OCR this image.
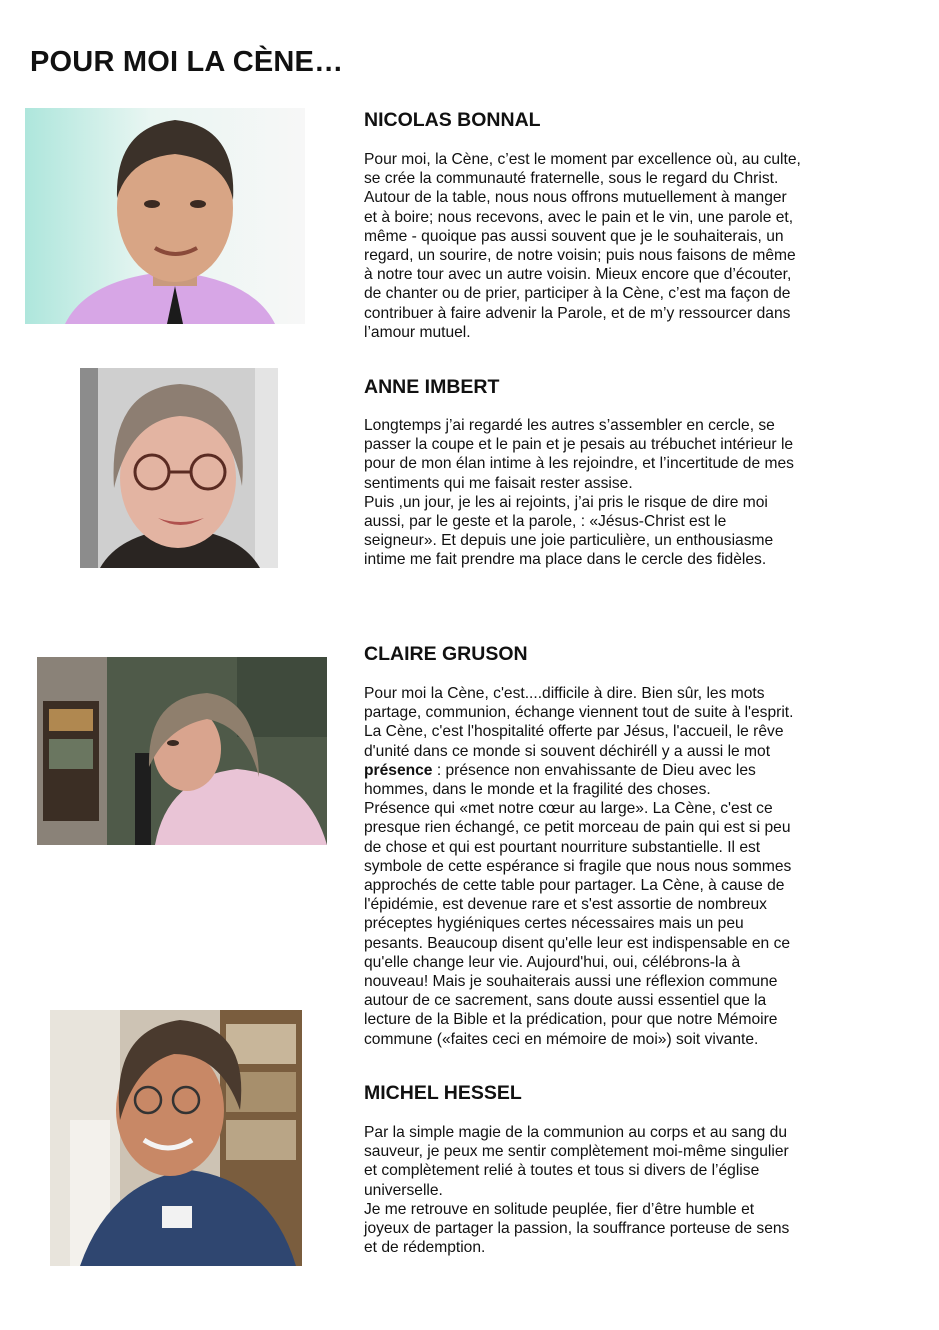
POUR MOI LA CÈNE…
NICOLAS BONNAL

Pour moi, la Cène, c’est le moment par excellence où, au culte,
se crée la communauté fraternelle, sous le regard du Christ.
Autour de la table, nous nous offrons mutuellement à manger
et à boire; nous recevons, avec le pain et le vin, une parole et,
même - quoique pas aussi souvent que je le souhaiterais, un
regard, un sourire, de notre voisin; puis nous faisons de même
à notre tour avec un autre voisin. Mieux encore que d’écouter,
de chanter ou de prier, participer à la Cène, c’est ma façon de
contribuer à faire advenir la Parole, et de m’y ressourcer dans
l’amour mutuel.

ANNE IMBERT

Longtemps j’ai regardé les autres s’assembler en cercle, se
passer la coupe et le pain et je pesais au trébuchet intérieur le
pour de mon élan intime à les rejoindre, et l’incertitude de mes
sentiments qui me faisait rester assise.
Puis ,un jour, je les ai rejoints, j’ai pris le risque de dire moi
aussi, par le geste et la parole, : «Jésus-Christ est le
seigneur». Et depuis une joie particulière, un enthousiasme
intime me fait prendre ma place dans le cercle des fidèles.

CLAIRE GRUSON

Pour moi la Cène, c'est....difficile à dire. Bien sûr, les mots
partage, communion, échange viennent tout de suite à l'esprit.
La Cène, c'est l'hospitalité offerte par Jésus, l'accueil, le rêve
d'unité dans ce monde si souvent déchiréll y a aussi le mot
présence : présence non envahissante de Dieu avec les
hommes, dans le monde et la fragilité des choses.
Présence qui «met notre cœur au large». La Cène, c'est ce
presque rien échangé, ce petit morceau de pain qui est si peu
de chose et qui est pourtant nourriture substantielle. Il est
symbole de cette espérance si fragile que nous nous sommes
approchés de cette table pour partager. La Cène, à cause de
l'épidémie, est devenue rare et s'est assortie de nombreux
préceptes hygiéniques certes nécessaires mais un peu
pesants. Beaucoup disent qu'elle leur est indispensable en ce
qu'elle change leur vie. Aujourd'hui, oui, célébrons-la à
nouveau! Mais je souhaiterais aussi une réflexion commune
autour de ce sacrement, sans doute aussi essentiel que la
lecture de la Bible et la prédication, pour que notre Mémoire
commune («faites ceci en mémoire de moi») soit vivante.

MICHEL HESSEL

Par la simple magie de la communion au corps et au sang du
sauveur, je peux me sentir complètement moi-même singulier
et complètement relié à toutes et tous si divers de l’église
universelle.
Je me retrouve en solitude peuplée, fier d’être humble et
joyeux de partager la passion, la souffrance porteuse de sens
et de rédemption.
